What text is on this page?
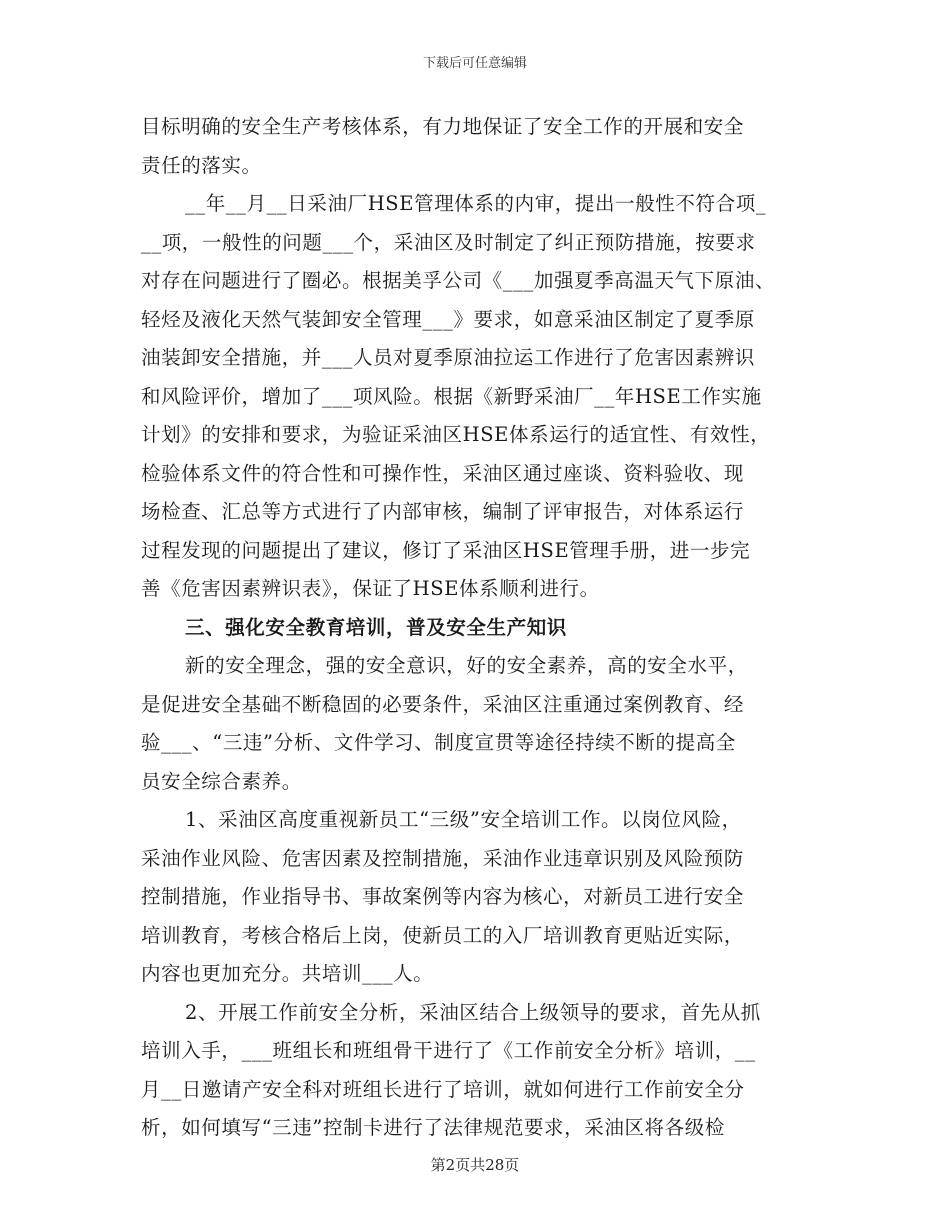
下载后可任意编辑
目标明确的安全生产考核体系，有力地保证了安全工作的开展和安全
责任的落实。
__年__月__日采油厂HSE管理体系的内审，提出一般性不符合项_
__项，一般性的问题___个，采油区及时制定了纠正预防措施，按要求
对存在问题进行了圈必。根据美孚公司《___加强夏季高温天气下原油、
轻烃及液化天然气装卸安全管理___》要求，如意采油区制定了夏季原
油装卸安全措施，并___人员对夏季原油拉运工作进行了危害因素辨识
和风险评价，增加了___项风险。根据《新野采油厂__年HSE工作实施
计划》的安排和要求，为验证采油区HSE体系运行的适宜性、有效性，
检验体系文件的符合性和可操作性，采油区通过座谈、资料验收、现
场检查、汇总等方式进行了内部审核，编制了评审报告，对体系运行
过程发现的问题提出了建议，修订了采油区HSE管理手册，进一步完
善《危害因素辨识表》，保证了HSE体系顺利进行。
三、强化安全教育培训，普及安全生产知识
新的安全理念，强的安全意识，好的安全素养，高的安全水平，
是促进安全基础不断稳固的必要条件，采油区注重通过案例教育、经
验___、“三违”分析、文件学习、制度宣贯等途径持续不断的提高全
员安全综合素养。
1、采油区高度重视新员工“三级”安全培训工作。以岗位风险，
采油作业风险、危害因素及控制措施，采油作业违章识别及风险预防
控制措施，作业指导书、事故案例等内容为核心，对新员工进行安全
培训教育，考核合格后上岗，使新员工的入厂培训教育更贴近实际，
内容也更加充分。共培训___人。
2、开展工作前安全分析，采油区结合上级领导的要求，首先从抓
培训入手，___班组长和班组骨干进行了《工作前安全分析》培训，__
月__日邀请产安全科对班组长进行了培训，就如何进行工作前安全分
析，如何填写“三违”控制卡进行了法律规范要求，采油区将各级检
第2页共28页
